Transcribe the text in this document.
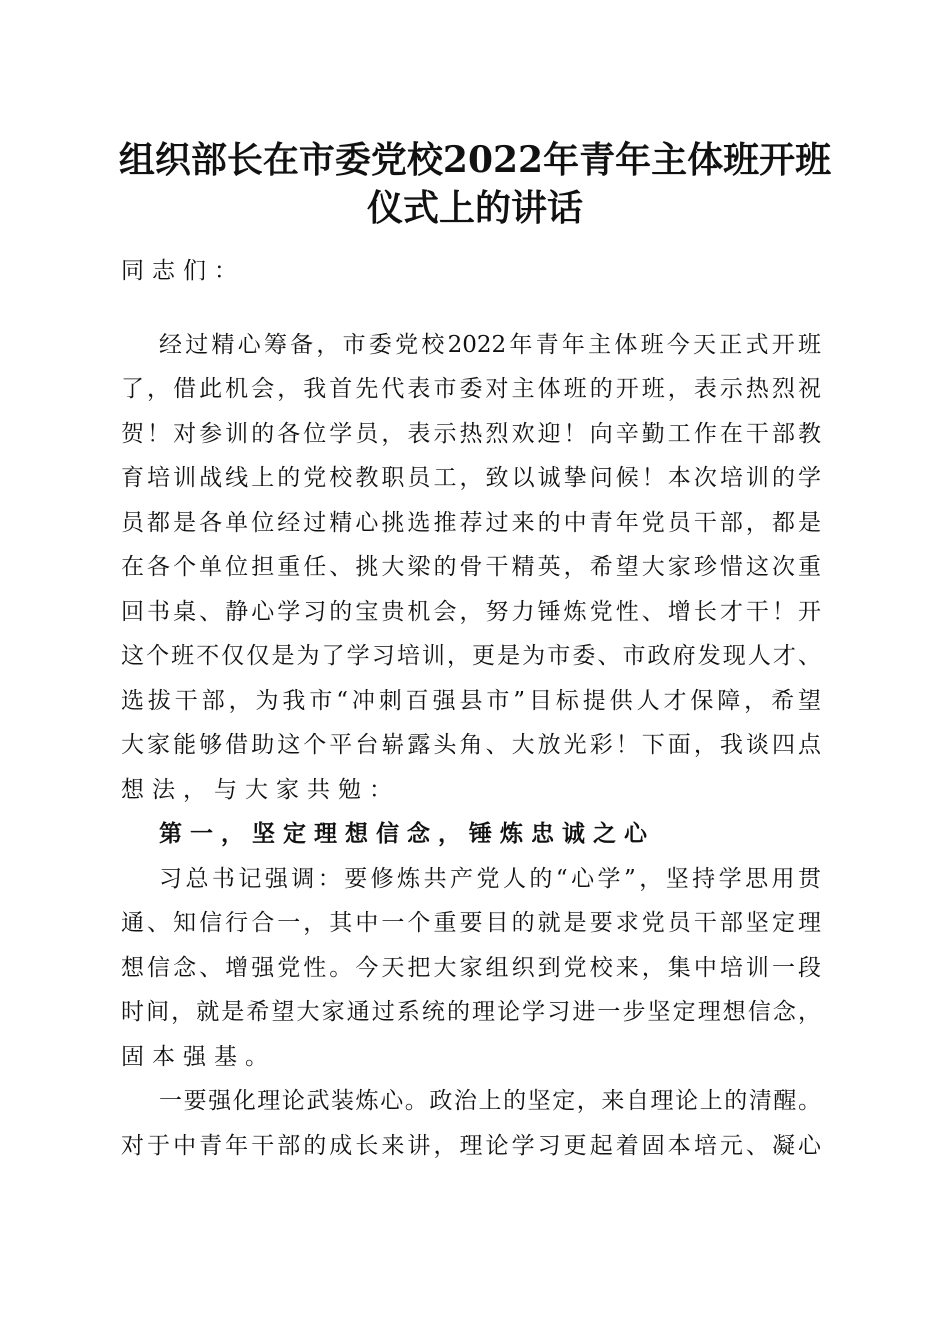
组织部长在市委党校2022年青年主体班开班
仪式上的讲话
同志们：
经过精心筹备，市委党校2022年青年主体班今天正式开班
了，借此机会，我首先代表市委对主体班的开班，表示热烈祝
贺！对参训的各位学员，表示热烈欢迎！向辛勤工作在干部教
育培训战线上的党校教职员工，致以诚挚问候！本次培训的学
员都是各单位经过精心挑选推荐过来的中青年党员干部，都是
在各个单位担重任、挑大梁的骨干精英，希望大家珍惜这次重
回书桌、静心学习的宝贵机会，努力锤炼党性、增长才干！开
这个班不仅仅是为了学习培训，更是为市委、市政府发现人才、
选拔干部，为我市“冲刺百强县市”目标提供人才保障，希望
大家能够借助这个平台崭露头角、大放光彩！下面，我谈四点
想法，与大家共勉：
第一，坚定理想信念，锤炼忠诚之心
习总书记强调：要修炼共产党人的“心学”，坚持学思用贯
通、知信行合一，其中一个重要目的就是要求党员干部坚定理
想信念、增强党性。今天把大家组织到党校来，集中培训一段
时间，就是希望大家通过系统的理论学习进一步坚定理想信念，
固本强基。
一要强化理论武装炼心。政治上的坚定，来自理论上的清醒。
对于中青年干部的成长来讲，理论学习更起着固本培元、凝心
